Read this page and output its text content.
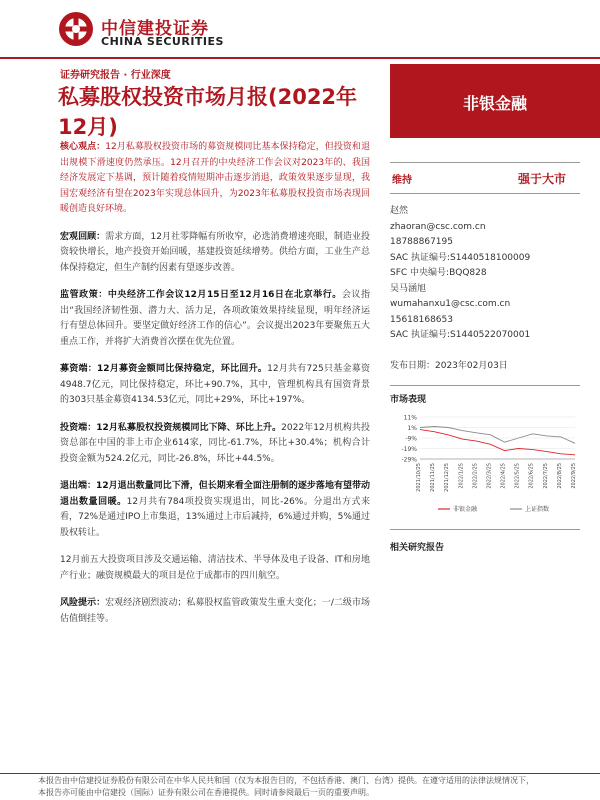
中信建投证券
CHINA SECURITIES
证券研究报告 · 行业深度
私募股权投资市场月报(2022年12月)
非银金融

核心观点：12月私募股权投资市场的募资规模同比基本保持稳定，但投资和退出规模下滑速度仍然承压。12月召开的中央经济工作会议对2023年的、我国经济发展定下基调，预计随着疫情短期冲击逐步消退，政策效果逐步显现，我国宏观经济有望在2023年实现总体回升，为2023年私募股权投资市场表现回暖创造良好环境。

宏观回顾：需求方面，12月社零降幅有所收窄，必选消费增速亮眼，制造业投资较快增长，地产投资开始回暖，基建投资延续增势。供给方面，工业生产总体保持稳定，但生产制约因素有望逐步改善。

监管政策：中央经济工作会议12月15日至12月16日在北京举行。会议指出“我国经济韧性强、潜力大、活力足，各项政策效果持续显现，明年经济运行有望总体回升。要坚定做好经济工作的信心”。会议提出2023年要聚焦五大重点工作，并将扩大消费首次摆在优先位置。

募资端：12月募资金额同比保持稳定，环比回升。12月共有725只基金募资4948.7亿元，同比保持稳定，环比+90.7%，其中，管理机构具有国资背景的303只基金募资4134.53亿元，同比+29%，环比+197%。

投资端：12月私募股权投资规模同比下降、环比上升。2022年12月机构共投资总部在中国的非上市企业614家，同比-61.7%，环比+30.4%；机构合计投资金额为524.2亿元，同比-26.8%，环比+44.5%。

退出端：12月退出数量同比下滑，但长期来看全面注册制的逐步落地有望带动退出数量回暖。12月共有784项投资实现退出，同比-26%。分退出方式来看，72%是通过IPO上市集退，13%通过上市后减持，6%通过并购，5%通过股权转让。

12月前五大投资项目涉及交通运输、清洁技术、半导体及电子设备、IT和房地产行业；融资规模最大的项目是位于成都市的四川航空。

风险提示：宏观经济剧烈波动；私募股权监管政策发生重大变化；一/二级市场估值倒挂等。

维持	强于大市
赵然
zhaoran@csc.com.cn
18788867195
SAC 执证编号:S1440518100009
SFC 中央编号:BQQ828
吴马涵旭
wumahanxu1@csc.com.cn
15618168653
SAC 执证编号:S1440522070001
发布日期：2023年02月03日
市场表现
11%
1%
-9%
-19%
-29%
2021/10/25 2021/11/25 2021/12/25 2022/1/25 2022/2/25 2022/3/25 2022/4/25 2022/5/25 2022/6/25 2022/7/25 2022/8/25 2022/9/25
非银金融	上证指数
相关研究报告
本报告由中信建投证券股份有限公司在中华人民共和国（仅为本报告目的，不包括香港、澳门、台湾）提供。在遵守适用的法律法规情况下，
本报告亦可能由中信建投（国际）证券有限公司在香港提供。同时请参阅最后一页的重要声明。
